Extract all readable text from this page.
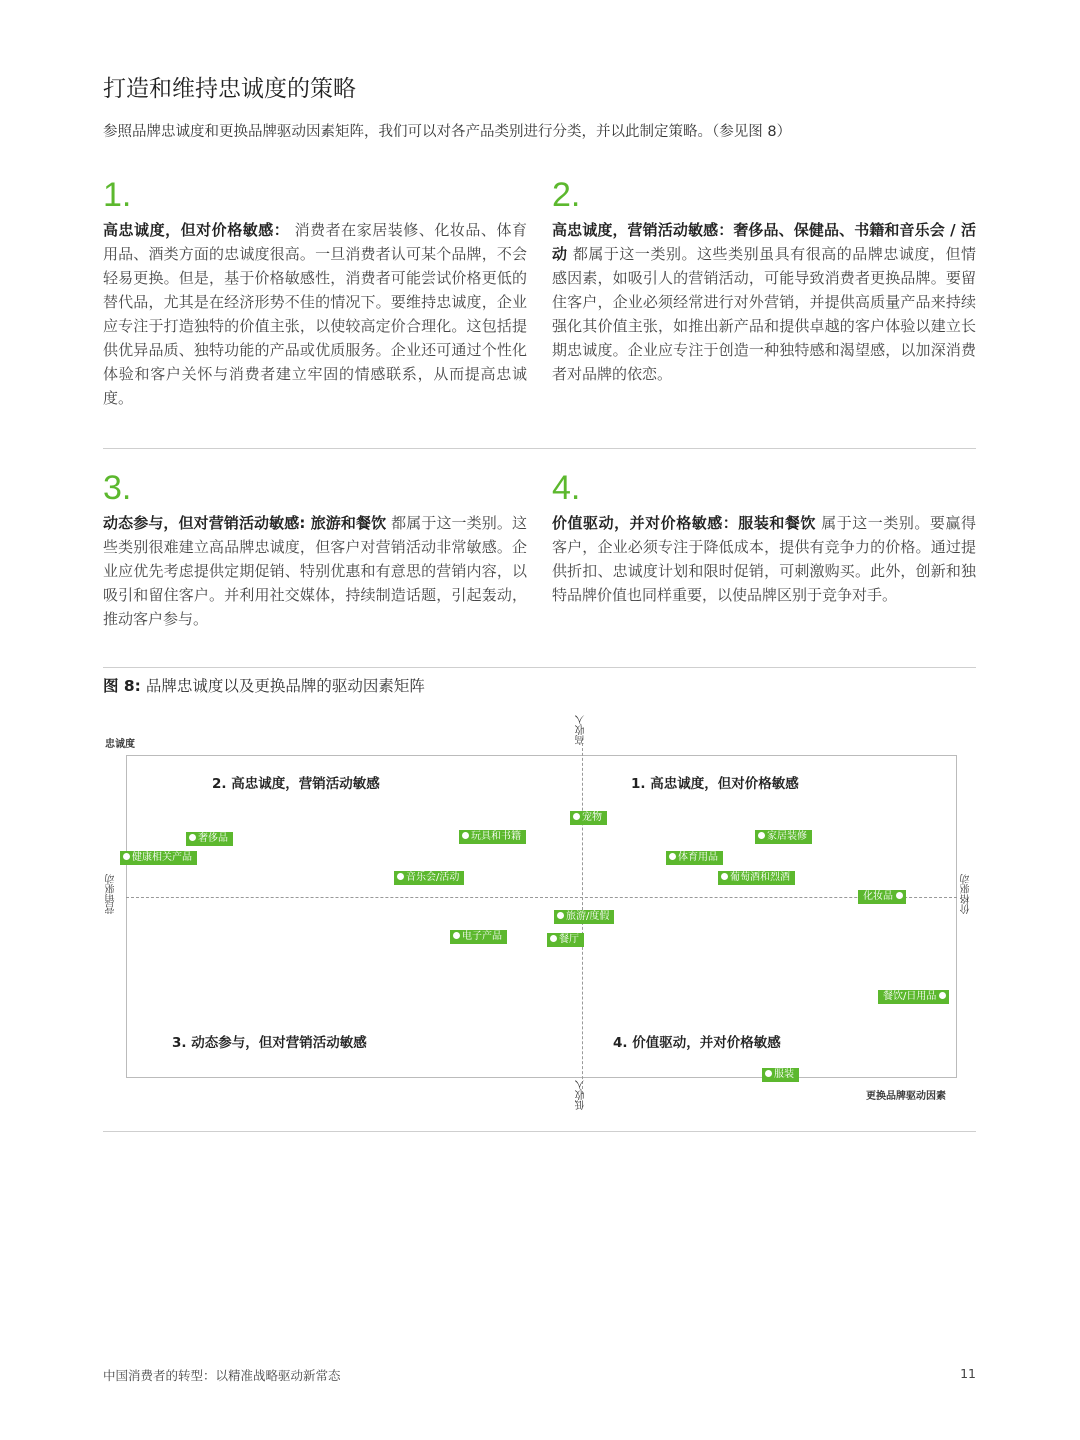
打造和维持忠诚度的策略
参照品牌忠诚度和更换品牌驱动因素矩阵，我们可以对各产品类别进行分类，并以此制定策略。（参见图 8）
1.
高忠诚度，但对价格敏感： 消费者在家居装修、化妆品、体育用品、酒类方面的忠诚度很高。一旦消费者认可某个品牌，不会轻易更换。但是，基于价格敏感性，消费者可能尝试价格更低的替代品，尤其是在经济形势不佳的情况下。要维持忠诚度，企业应专注于打造独特的价值主张，以使较高定价合理化。这包括提供优异品质、独特功能的产品或优质服务。企业还可通过个性化体验和客户关怀与消费者建立牢固的情感联系，从而提高忠诚度。
2.
高忠诚度，营销活动敏感：奢侈品、保健品、书籍和音乐会 / 活动 都属于这一类别。这些类别虽具有很高的品牌忠诚度，但情感因素，如吸引人的营销活动，可能导致消费者更换品牌。要留住客户，企业必须经常进行对外营销，并提供高质量产品来持续强化其价值主张，如推出新产品和提供卓越的客户体验以建立长期忠诚度。企业应专注于创造一种独特感和渴望感，以加深消费者对品牌的依恋。
3.
动态参与，但对营销活动敏感: 旅游和餐饮 都属于这一类别。这些类别很难建立高品牌忠诚度，但客户对营销活动非常敏感。企业应优先考虑提供定期促销、特别优惠和有意思的营销内容，以吸引和留住客户。并利用社交媒体，持续制造话题，引起轰动，推动客户参与。
4.
价值驱动，并对价格敏感：服装和餐饮 属于这一类别。要赢得客户，企业必须专注于降低成本，提供有竞争力的价格。通过提供折扣、忠诚度计划和限时促销，可刺激购买。此外，创新和独特品牌价值也同样重要，以使品牌区别于竞争对手。
图 8: 品牌忠诚度以及更换品牌的驱动因素矩阵
忠诚度	高收入
低收入
营销驱动	价格驱动
2. 高忠诚度，营销活动敏感	1. 高忠诚度，但对价格敏感
3. 动态参与，但对营销活动敏感	4. 价值驱动，并对价格敏感
奢侈品
健康相关产品
玩具和书籍
音乐会/活动
电子产品
宠物
家居装修
体育用品
葡萄酒和烈酒
化妆品
旅游/度假
餐厅
餐饮/日用品
服装
更换品牌驱动因素
中国消费者的转型：以精准战略驱动新常态	11
